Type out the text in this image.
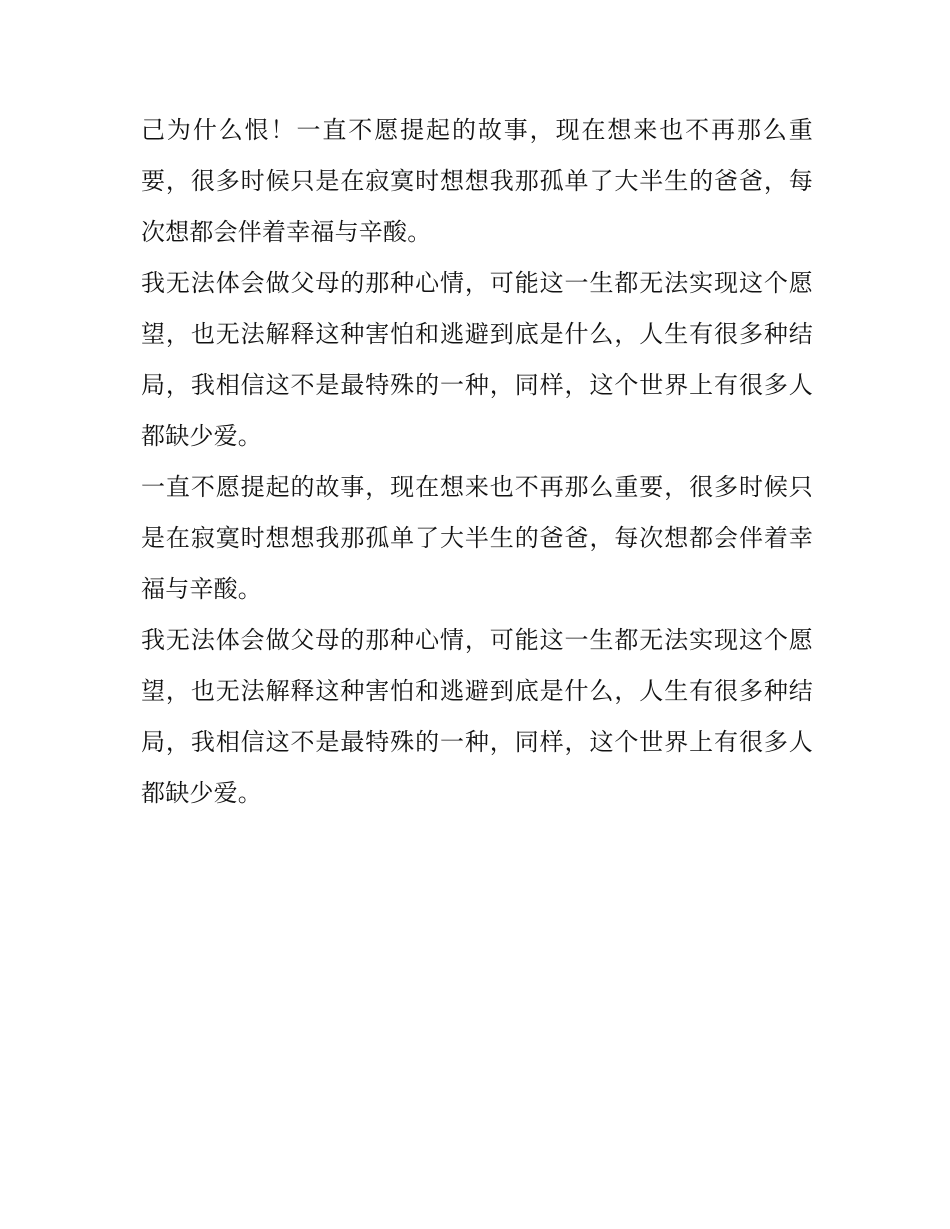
己为什么恨！一直不愿提起的故事，现在想来也不再那么重要，很多时候只是在寂寞时想想我那孤单了大半生的爸爸，每次想都会伴着幸福与辛酸。

我无法体会做父母的那种心情，可能这一生都无法实现这个愿望，也无法解释这种害怕和逃避到底是什么，人生有很多种结局，我相信这不是最特殊的一种，同样，这个世界上有很多人都缺少爱。

一直不愿提起的故事，现在想来也不再那么重要，很多时候只是在寂寞时想想我那孤单了大半生的爸爸，每次想都会伴着幸福与辛酸。

我无法体会做父母的那种心情，可能这一生都无法实现这个愿望，也无法解释这种害怕和逃避到底是什么，人生有很多种结局，我相信这不是最特殊的一种，同样，这个世界上有很多人都缺少爱。
